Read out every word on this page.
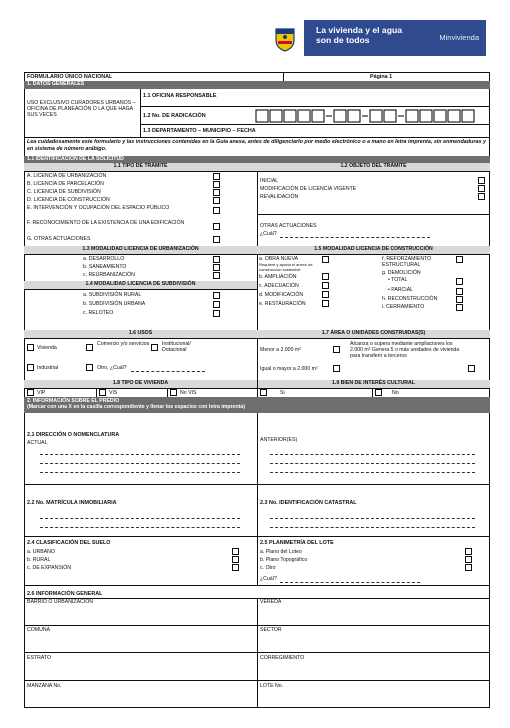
La vivienda y el agua son de todos	Minvivienda
FORMULARIO ÚNICO NACIONAL	Página 1
1. DATOS GENERALES
USO EXCLUSIVO CURADORES URBANOS – OFICINA DE PLANEACIÓN O LA QUE HAGA SUS VECES
1.1 OFICINA RESPONSABLE
1.2 No. DE RADICACIÓN
1.3 DEPARTAMENTO – MUNICIPIO – FECHA
Lea cuidadosamente este formulario y las instrucciones contenidas en la Guía anexa, antes de diligenciarlo por medio electrónico o a mano en letra imprenta, sin enmendaduras y en sistema de número arábigo.
1.1 IDENTIFICACIÓN DE LA SOLICITUD
1.1 TIPO DE TRÁMITE	1.2 OBJETO DEL TRÁMITE
A. LICENCIA DE URBANIZACIÓN
B. LICENCIA DE PARCELACIÓN
C. LICENCIA DE SUBDIVISIÓN
D. LICENCIA DE CONSTRUCCIÓN
E. INTERVENCIÓN Y OCUPACIÓN DEL ESPACIO PÚBLICO
F. RECONOCIMIENTO DE LA EXISTENCIA DE UNA EDIFICACIÓN
G. OTRAS ACTUACIONES
INICIAL
MODIFICACIÓN DE LICENCIA VIGENTE
REVALIDACIÓN
OTRAS ACTUACIONES
¿Cuál?
1.3 MODALIDAD LICENCIA DE URBANIZACIÓN	1.5 MODALIDAD LICENCIA DE CONSTRUCCIÓN
a. DESARROLLO
b. SANEAMIENTO
c. REURBANIZACIÓN
1.4 MODALIDAD LICENCIA DE SUBDIVISIÓN
a. SUBDIVISIÓN RURAL
b. SUBDIVISIÓN URBANA
c. RELOTEO
a. OBRA NUEVA
Requiere y aporta el anexo de construcción sostenible
b. AMPLIACIÓN
c. ADECUACIÓN
d. MODIFICACIÓN
e. RESTAURACIÓN
f. REFORZAMIENTO ESTRUCTURAL
g. DEMOLICIÓN
• TOTAL
• PARCIAL
h. RECONSTRUCCIÓN
i. CERRAMIENTO
1.6 USOS	1.7 ÁREA O UNIDADES CONSTRUIDAS(S)
Vivienda
Comercio y/o servicios	Institucional/ Dotacional
Industrial	Otro, ¿Cuál?
Menor a 2.000 m²
Igual o mayor a 2.000 m²
Alcanza o supera mediante ampliaciones los 2.000 m² Genera 5 o más unidades de vivienda para transferir a terceros
1.8 TIPO DE VIVIENDA	1.9 BIEN DE INTERÉS CULTURAL
VIP	VIS	No VIS	Si	No
2. INFORMACIÓN SOBRE EL PREDIO
(Marcar con una X en la casilla correspondiente y llenar los espacios con letra imprenta)
2.1 DIRECCIÓN O NOMENCLATURA
ACTUAL	ANTERIOR(ES)
2.2 No. MATRÍCULA INMOBILIARIA	2.3 No. IDENTIFICACIÓN CATASTRAL
2.4 CLASIFICACIÓN DEL SUELO
a. URBANO
b. RURAL
c. DE EXPANSIÓN
2.5 PLANIMETRÍA DEL LOTE
a. Plano del Loteo
b. Plano Topográfico
c. Otro
¿Cuál?
2.6 INFORMACIÓN GENERAL
BARRIO O URBANIZACIÓN	VEREDA
COMUNA	SECTOR
ESTRATO	CORREGIMIENTO
MANZANA No.	LOTE No.
